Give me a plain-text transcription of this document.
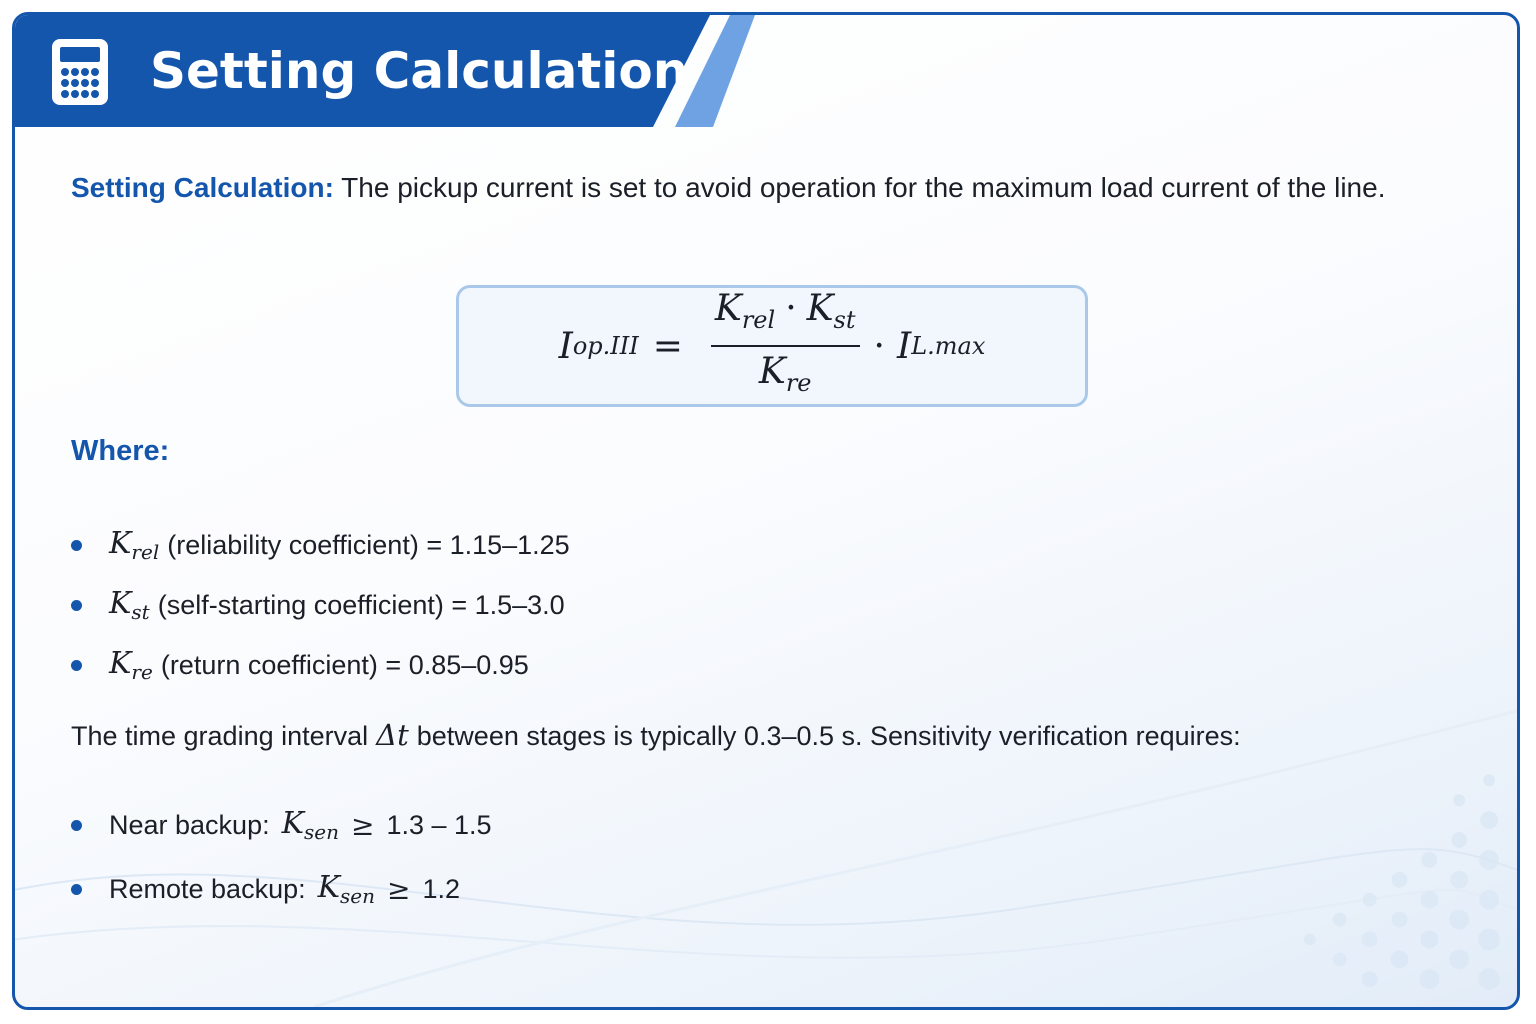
Setting Calculation

Setting Calculation: The pickup current is set to avoid operation for the maximum load current of the line.

I $op.III = \frac{K_{rel} \cdot K_{st}}{K_{re}} \cdot I$ L.max
Where:
$K_{rel}$ (reliability coefficient) = 1.15–1.25
$K_{st}$ (self-starting coefficient) = 1.5–3.0
$K_{re}$ (return coefficient) = 0.85–0.95

The time grading interval Δt between stages is typically 0.3–0.5 s. Sensitivity verification requires:

Near backup: $K_{sen} \ge 1.3 - 1.5$
Remote backup: $K_{sen} \ge 1.2$
